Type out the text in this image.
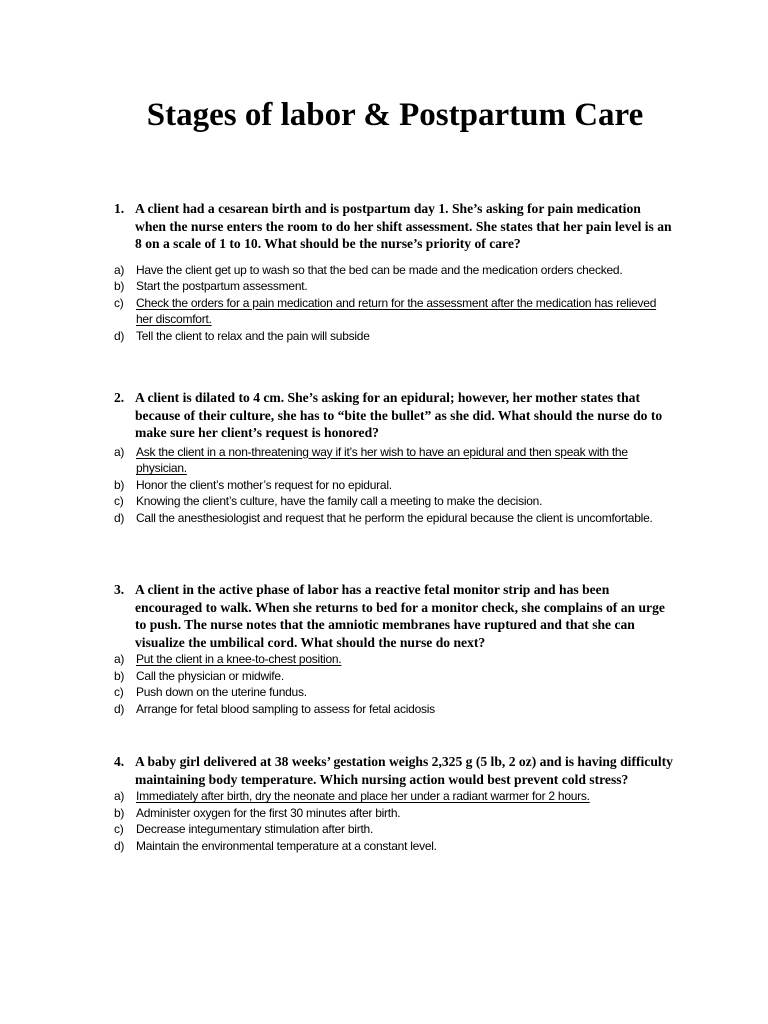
Stages of labor & Postpartum Care
1. A client had a cesarean birth and is postpartum day 1. She’s asking for pain medication when the nurse enters the room to do her shift assessment. She states that her pain level is an 8 on a scale of 1 to 10. What should be the nurse’s priority of care?
a) Have the client get up to wash so that the bed can be made and the medication orders checked.
b) Start the postpartum assessment.
c) Check the orders for a pain medication and return for the assessment after the medication has relieved her discomfort.
d) Tell the client to relax and the pain will subside
2. A client is dilated to 4 cm. She’s asking for an epidural; however, her mother states that because of their culture, she has to “bite the bullet” as she did. What should the nurse do to make sure her client’s request is honored?
a) Ask the client in a non-threatening way if it’s her wish to have an epidural and then speak with the physician.
b) Honor the client’s mother’s request for no epidural.
c) Knowing the client’s culture, have the family call a meeting to make the decision.
d) Call the anesthesiologist and request that he perform the epidural because the client is uncomfortable.
3. A client in the active phase of labor has a reactive fetal monitor strip and has been encouraged to walk. When she returns to bed for a monitor check, she complains of an urge to push. The nurse notes that the amniotic membranes have ruptured and that she can visualize the umbilical cord. What should the nurse do next?
a) Put the client in a knee-to-chest position.
b) Call the physician or midwife.
c) Push down on the uterine fundus.
d) Arrange for fetal blood sampling to assess for fetal acidosis
4. A baby girl delivered at 38 weeks’ gestation weighs 2,325 g (5 lb, 2 oz) and is having difficulty maintaining body temperature. Which nursing action would best prevent cold stress?
a) Immediately after birth, dry the neonate and place her under a radiant warmer for 2 hours.
b) Administer oxygen for the first 30 minutes after birth.
c) Decrease integumentary stimulation after birth.
d) Maintain the environmental temperature at a constant level.
